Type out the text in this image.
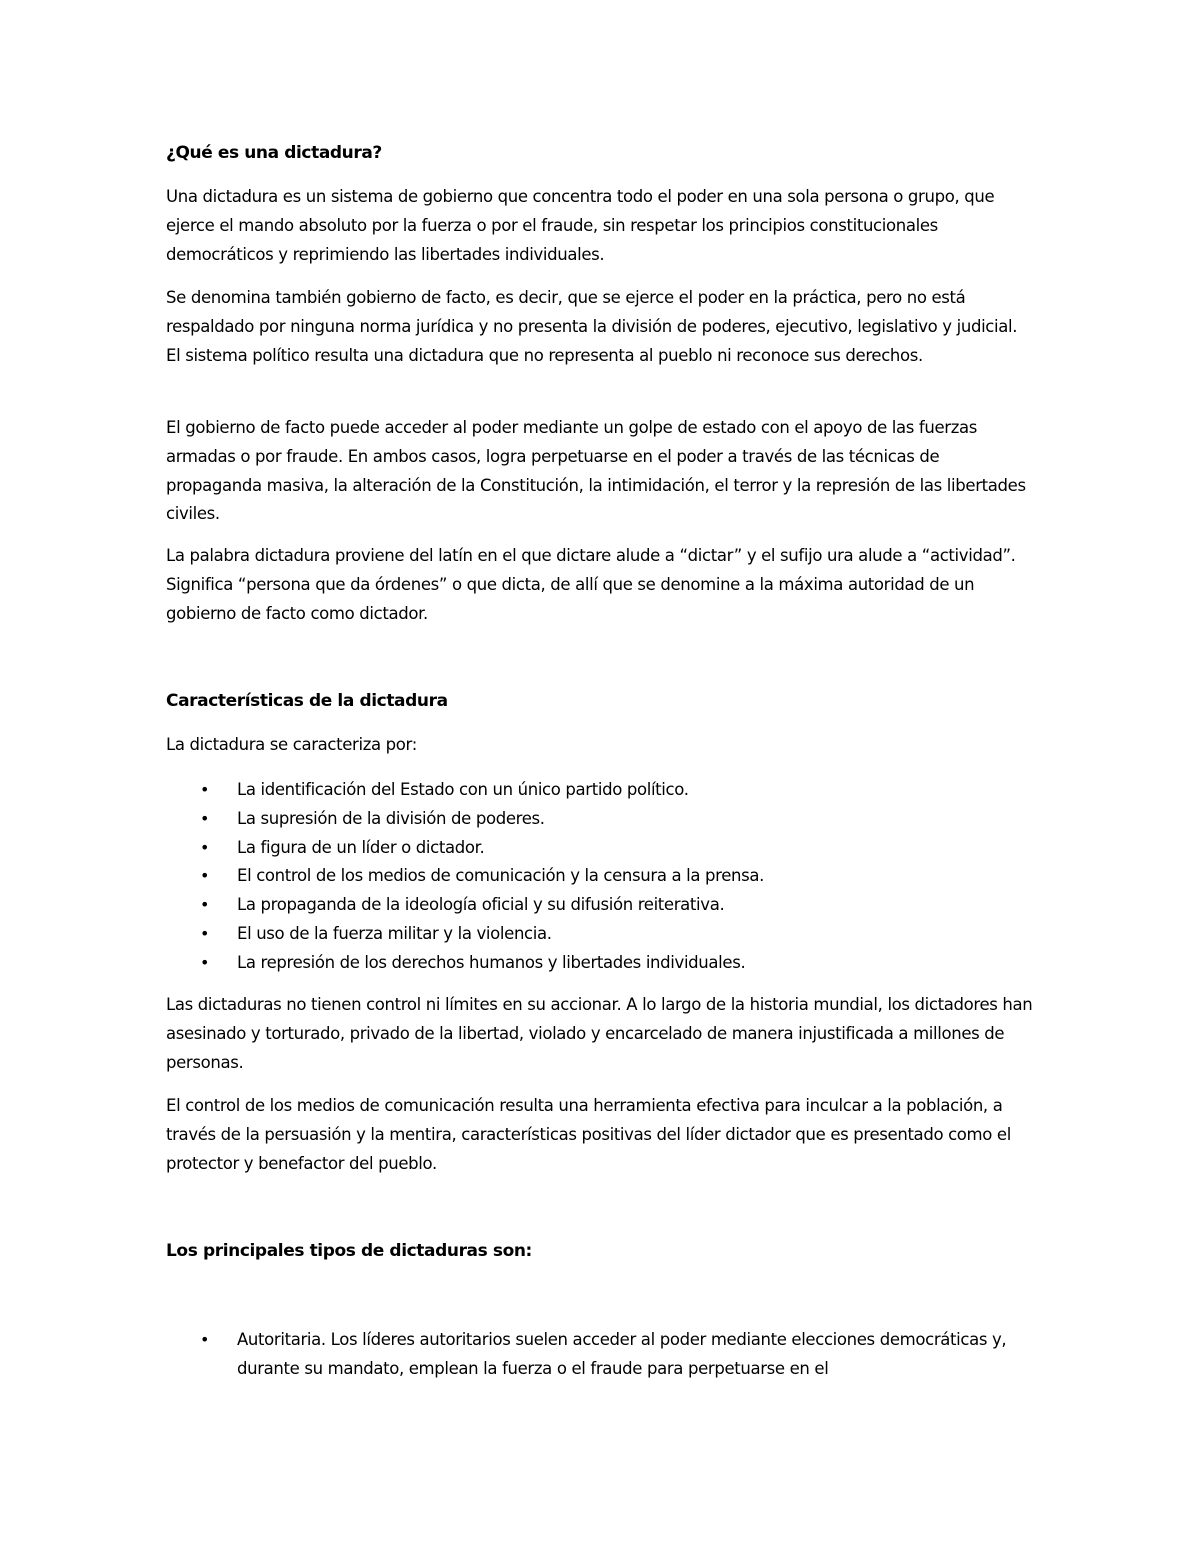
¿Qué es una dictadura?

Una dictadura es un sistema de gobierno que concentra todo el poder en una sola persona o grupo, que ejerce el mando absoluto por la fuerza o por el fraude, sin respetar los principios constitucionales democráticos y reprimiendo las libertades individuales.

Se denomina también gobierno de facto, es decir, que se ejerce el poder en la práctica, pero no está respaldado por ninguna norma jurídica y no presenta la división de poderes, ejecutivo, legislativo y judicial. El sistema político resulta una dictadura que no representa al pueblo ni reconoce sus derechos.

El gobierno de facto puede acceder al poder mediante un golpe de estado con el apoyo de las fuerzas armadas o por fraude. En ambos casos, logra perpetuarse en el poder a través de las técnicas de propaganda masiva, la alteración de la Constitución, la intimidación, el terror y la represión de las libertades civiles.

La palabra dictadura proviene del latín en el que dictare alude a “dictar” y el sufijo ura alude a “actividad”. Significa “persona que da órdenes” o que dicta, de allí que se denomine a la máxima autoridad de un gobierno de facto como dictador.

Características de la dictadura

La dictadura se caracteriza por:

• La identificación del Estado con un único partido político.
• La supresión de la división de poderes.
• La figura de un líder o dictador.
• El control de los medios de comunicación y la censura a la prensa.
• La propaganda de la ideología oficial y su difusión reiterativa.
• El uso de la fuerza militar y la violencia.
• La represión de los derechos humanos y libertades individuales.

Las dictaduras no tienen control ni límites en su accionar. A lo largo de la historia mundial, los dictadores han asesinado y torturado, privado de la libertad, violado y encarcelado de manera injustificada a millones de personas.

El control de los medios de comunicación resulta una herramienta efectiva para inculcar a la población, a través de la persuasión y la mentira, características positivas del líder dictador que es presentado como el protector y benefactor del pueblo.

Los principales tipos de dictaduras son:
• Autoritaria. Los líderes autoritarios suelen acceder al poder mediante elecciones democráticas y, durante su mandato, emplean la fuerza o el fraude para perpetuarse en el
